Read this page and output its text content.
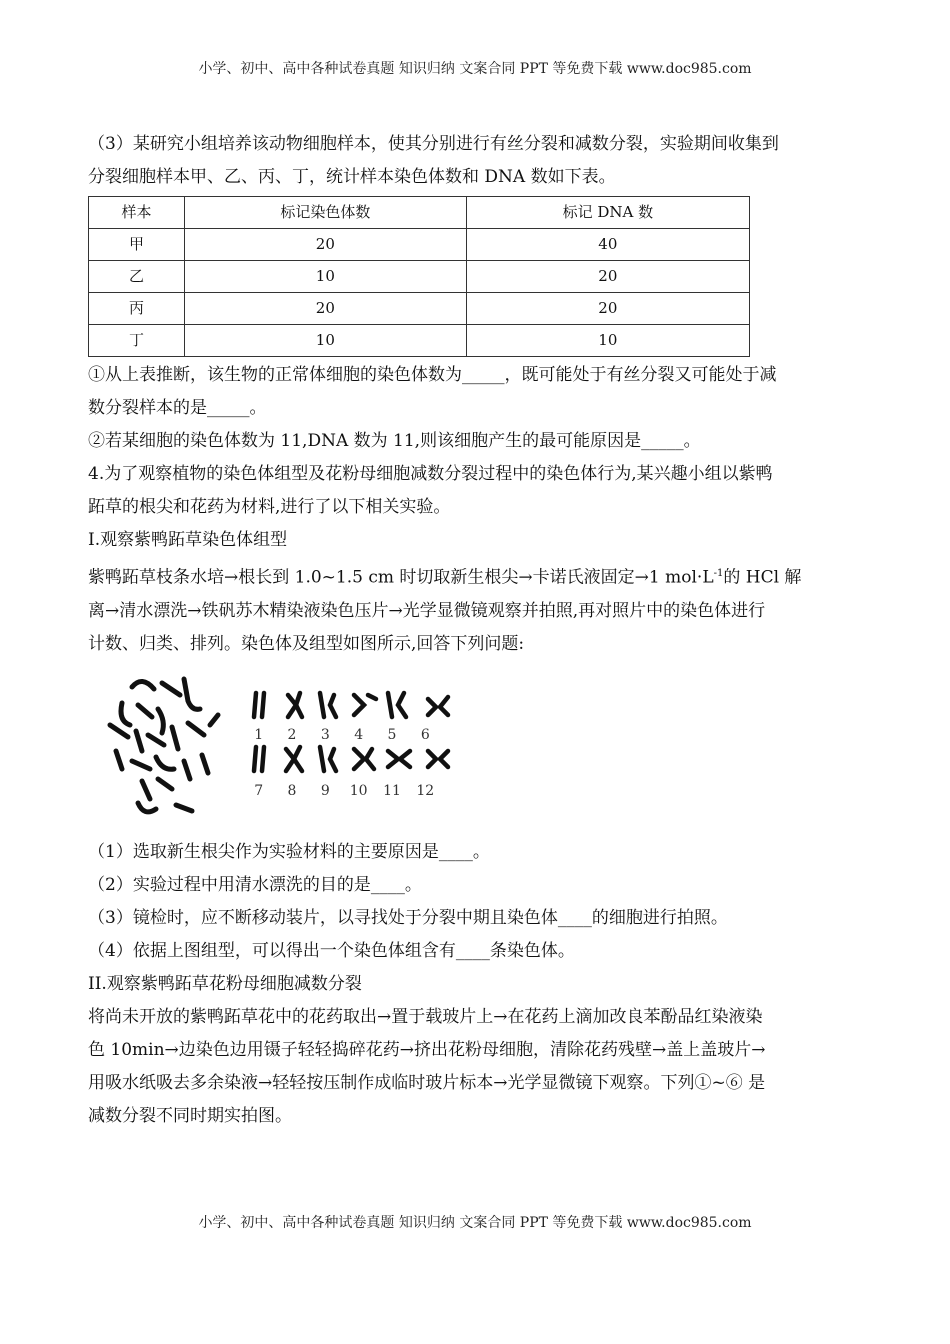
小学、初中、高中各种试卷真题 知识归纳 文案合同 PPT 等免费下载 www.doc985.com

（3）某研究小组培养该动物细胞样本，使其分别进行有丝分裂和减数分裂，实验期间收集到

分裂细胞样本甲、乙、丙、丁，统计样本染色体数和 DNA 数如下表。

样本	标记染色体数	标记 DNA 数
甲	20	40
乙	10	20
丙	20	20
丁	10	10

①从上表推断，该生物的正常体细胞的染色体数为_____，既可能处于有丝分裂又可能处于减

数分裂样本的是_____。

②若某细胞的染色体数为 11,DNA 数为 11,则该细胞产生的最可能原因是_____。

4.为了观察植物的染色体组型及花粉母细胞减数分裂过程中的染色体行为,某兴趣小组以紫鸭

跖草的根尖和花药为材料,进行了以下相关实验。

I.观察紫鸭跖草染色体组型

紫鸭跖草枝条水培→根长到 1.0~1.5 cm 时切取新生根尖→卡诺氏液固定→1 $mol\cdot L^{-1}$的 HCl 解

离→清水漂洗→铁矾苏木精染液染色压片→光学显微镜观察并拍照,再对照片中的染色体进行

计数、归类、排列。染色体及组型如图所示,回答下列问题:

1	2	3	4	5	6
7	8	9	10	11	12

（1）选取新生根尖作为实验材料的主要原因是____。

（2）实验过程中用清水漂洗的目的是____。

（3）镜检时，应不断移动装片，以寻找处于分裂中期且染色体____的细胞进行拍照。

（4）依据上图组型，可以得出一个染色体组含有____条染色体。

II.观察紫鸭跖草花粉母细胞减数分裂

将尚未开放的紫鸭跖草花中的花药取出→置于载玻片上→在花药上滴加改良苯酚品红染液染

色 10min→边染色边用镊子轻轻捣碎花药→挤出花粉母细胞，清除花药残壁→盖上盖玻片→

用吸水纸吸去多余染液→轻轻按压制作成临时玻片标本→光学显微镜下观察。下列①~⑥ 是

减数分裂不同时期实拍图。

小学、初中、高中各种试卷真题 知识归纳 文案合同 PPT 等免费下载 www.doc985.com
